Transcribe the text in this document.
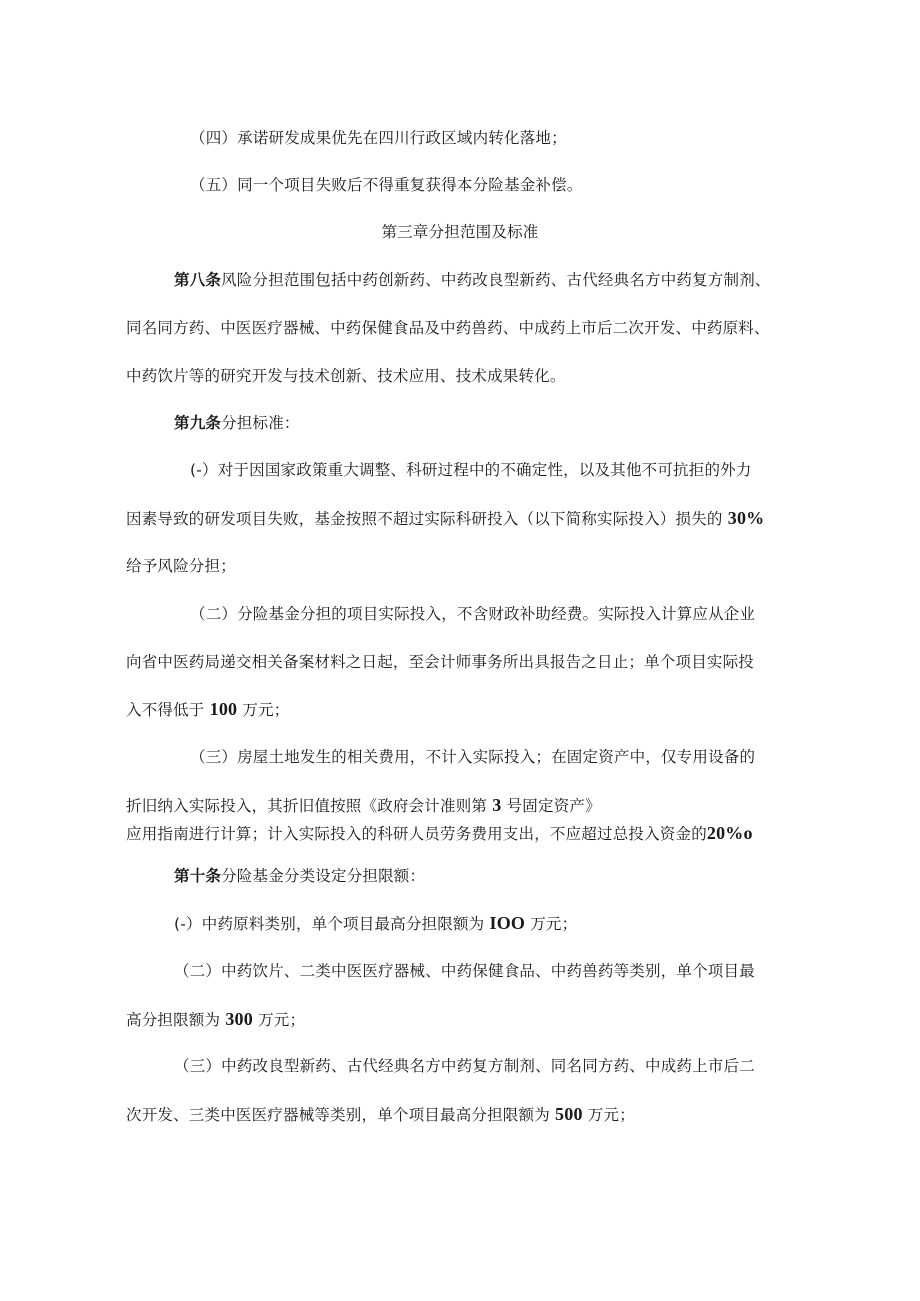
（四）承诺研发成果优先在四川行政区域内转化落地；
（五）同一个项目失败后不得重复获得本分险基金补偿。
第三章分担范围及标准
第八条风险分担范围包括中药创新药、中药改良型新药、古代经典名方中药复方制剂、
同名同方药、中医医疗器械、中药保健食品及中药兽药、中成药上市后二次开发、中药原料、
中药饮片等的研究开发与技术创新、技术应用、技术成果转化。
第九条分担标准：
(-）对于因国家政策重大调整、科研过程中的不确定性，以及其他不可抗拒的外力
因素导致的研发项目失败，基金按照不超过实际科研投入（以下简称实际投入）损失的 30%
给予风险分担；
（二）分险基金分担的项目实际投入，不含财政补助经费。实际投入计算应从企业
向省中医药局递交相关备案材料之日起，至会计师事务所出具报告之日止；单个项目实际投
入不得低于 100 万元；
（三）房屋土地发生的相关费用，不计入实际投入；在固定资产中，仅专用设备的
折旧纳入实际投入，其折旧值按照《政府会计准则第 3 号固定资产》
应用指南进行计算；计入实际投入的科研人员劳务费用支出，不应超过总投入资金的20%o
第十条分险基金分类设定分担限额：
(-）中药原料类别，单个项目最高分担限额为 IOO 万元；
（二）中药饮片、二类中医医疗器械、中药保健食品、中药兽药等类别，单个项目最
高分担限额为 300 万元；
（三）中药改良型新药、古代经典名方中药复方制剂、同名同方药、中成药上市后二
次开发、三类中医医疗器械等类别，单个项目最高分担限额为 500 万元；
